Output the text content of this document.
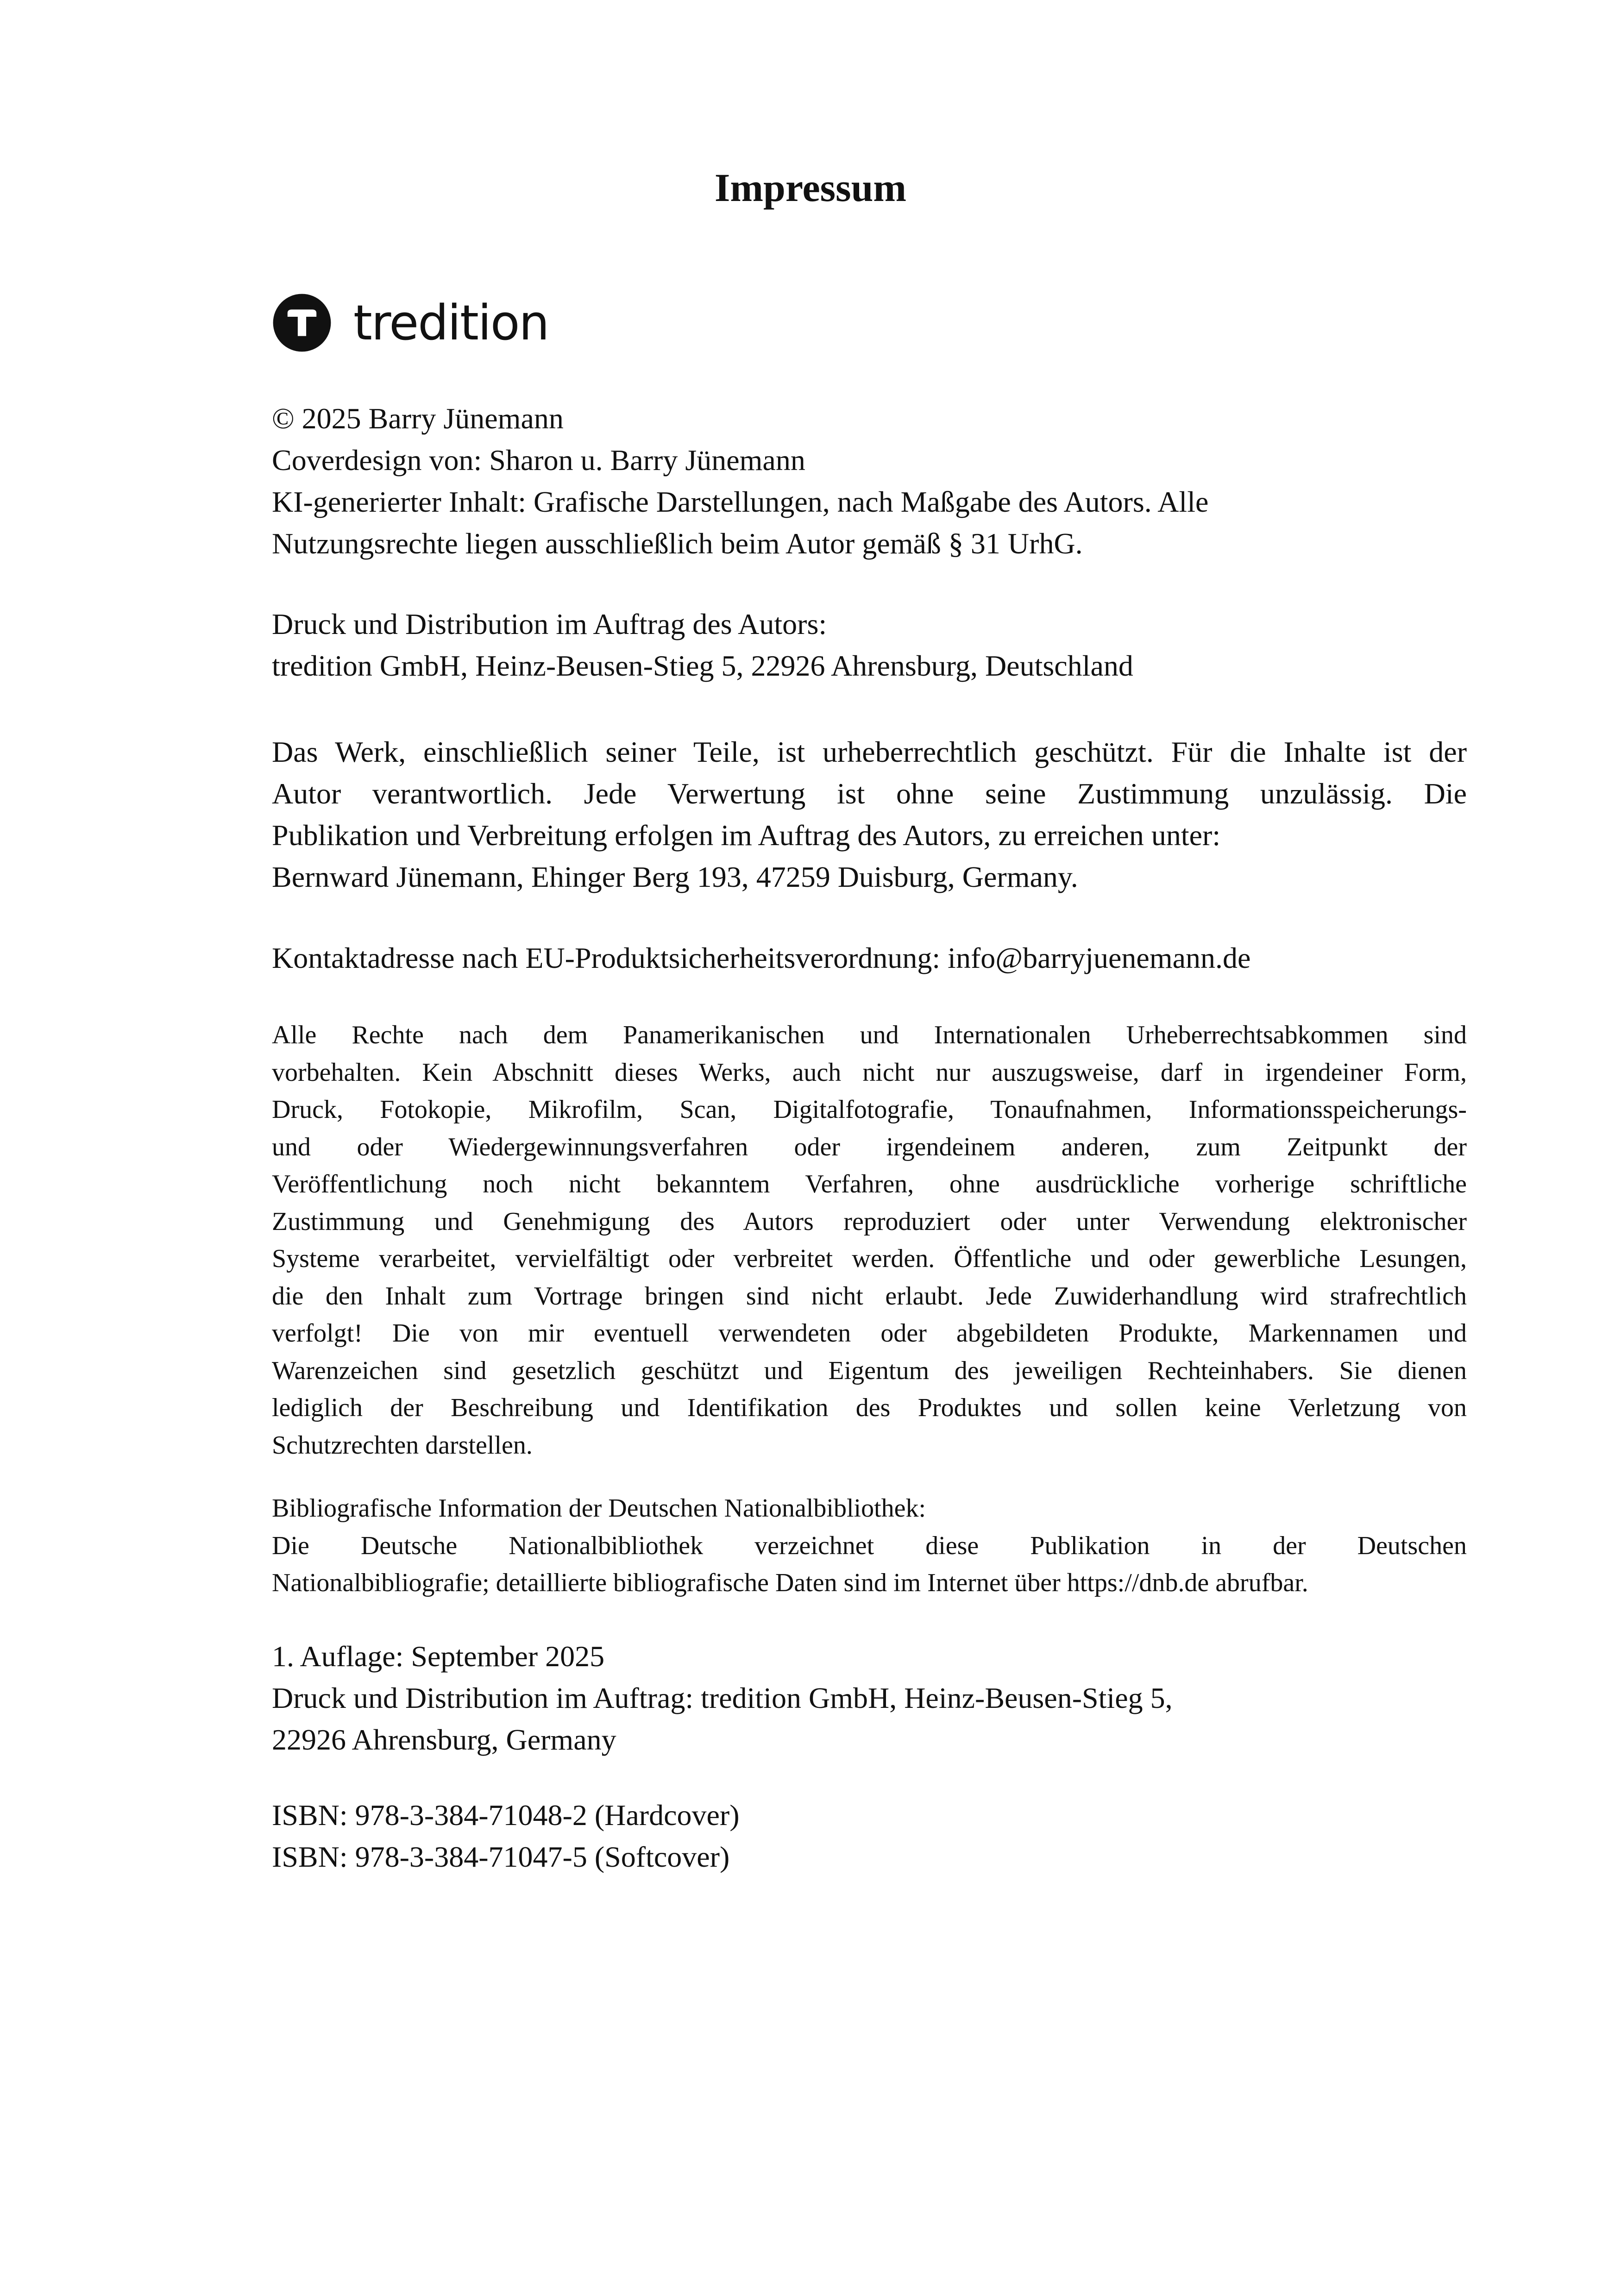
Impressum
tredition
© 2025 Barry Jünemann
Coverdesign von: Sharon u. Barry Jünemann
KI-generierter Inhalt: Grafische Darstellungen, nach Maßgabe des Autors. Alle
Nutzungsrechte liegen ausschließlich beim Autor gemäß § 31 UrhG.
Druck und Distribution im Auftrag des Autors:
tredition GmbH, Heinz-Beusen-Stieg 5, 22926 Ahrensburg, Deutschland
Das Werk, einschließlich seiner Teile, ist urheberrechtlich geschützt. Für die Inhalte ist der
Autor verantwortlich. Jede Verwertung ist ohne seine Zustimmung unzulässig. Die
Publikation und Verbreitung erfolgen im Auftrag des Autors, zu erreichen unter:
Bernward Jünemann, Ehinger Berg 193, 47259 Duisburg, Germany.
Kontaktadresse nach EU-Produktsicherheitsverordnung: info@barryjuenemann.de
Alle Rechte nach dem Panamerikanischen und Internationalen Urheberrechtsabkommen sind
vorbehalten. Kein Abschnitt dieses Werks, auch nicht nur auszugsweise, darf in irgendeiner Form,
Druck, Fotokopie, Mikrofilm, Scan, Digitalfotografie, Tonaufnahmen, Informationsspeicherungs-
und oder Wiedergewinnungsverfahren oder irgendeinem anderen, zum Zeitpunkt der
Veröffentlichung noch nicht bekanntem Verfahren, ohne ausdrückliche vorherige schriftliche
Zustimmung und Genehmigung des Autors reproduziert oder unter Verwendung elektronischer
Systeme verarbeitet, vervielfältigt oder verbreitet werden. Öffentliche und oder gewerbliche Lesungen,
die den Inhalt zum Vortrage bringen sind nicht erlaubt. Jede Zuwiderhandlung wird strafrechtlich
verfolgt! Die von mir eventuell verwendeten oder abgebildeten Produkte, Markennamen und
Warenzeichen sind gesetzlich geschützt und Eigentum des jeweiligen Rechteinhabers. Sie dienen
lediglich der Beschreibung und Identifikation des Produktes und sollen keine Verletzung von
Schutzrechten darstellen.
Bibliografische Information der Deutschen Nationalbibliothek:
Die Deutsche Nationalbibliothek verzeichnet diese Publikation in der Deutschen
Nationalbibliografie; detaillierte bibliografische Daten sind im Internet über https://dnb.de abrufbar.
1. Auflage: September 2025
Druck und Distribution im Auftrag: tredition GmbH, Heinz-Beusen-Stieg 5,
22926 Ahrensburg, Germany
ISBN: 978-3-384-71048-2 (Hardcover)
ISBN: 978-3-384-71047-5 (Softcover)
